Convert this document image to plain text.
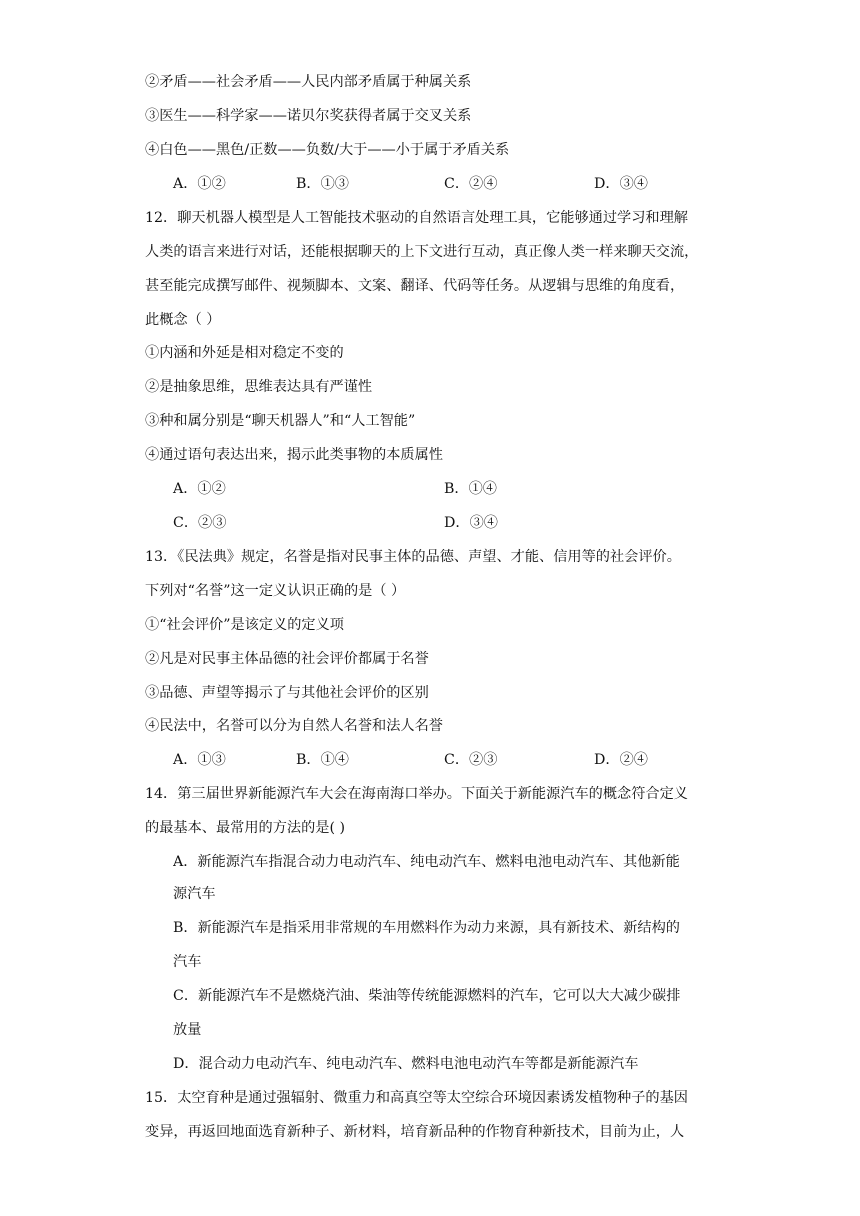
②矛盾——社会矛盾——人民内部矛盾属于种属关系
③医生——科学家——诺贝尔奖获得者属于交叉关系
④白色——黑色/正数——负数/大于——小于属于矛盾关系
A．①②	B．①③	C．②④	D．③④
12．聊天机器人模型是人工智能技术驱动的自然语言处理工具，它能够通过学习和理解
人类的语言来进行对话，还能根据聊天的上下文进行互动，真正像人类一样来聊天交流，
甚至能完成撰写邮件、视频脚本、文案、翻译、代码等任务。从逻辑与思维的角度看，
此概念（ ）
①内涵和外延是相对稳定不变的
②是抽象思维，思维表达具有严谨性
③种和属分别是“聊天机器人”和“人工智能”
④通过语句表达出来，揭示此类事物的本质属性
A．①②	B．①④
C．②③	D．③④
13．《民法典》规定，名誉是指对民事主体的品德、声望、才能、信用等的社会评价。
下列对“名誉”这一定义认识正确的是（ ）
①“社会评价”是该定义的定义项
②凡是对民事主体品德的社会评价都属于名誉
③品德、声望等揭示了与其他社会评价的区别
④民法中，名誉可以分为自然人名誉和法人名誉
A．①③	B．①④	C．②③	D．②④
14．第三届世界新能源汽车大会在海南海口举办。下面关于新能源汽车的概念符合定义
的最基本、最常用的方法的是( )
A．新能源汽车指混合动力电动汽车、纯电动汽车、燃料电池电动汽车、其他新能
源汽车
B．新能源汽车是指采用非常规的车用燃料作为动力来源，具有新技术、新结构的
汽车
C．新能源汽车不是燃烧汽油、柴油等传统能源燃料的汽车，它可以大大减少碳排
放量
D．混合动力电动汽车、纯电动汽车、燃料电池电动汽车等都是新能源汽车
15．太空育种是通过强辐射、微重力和高真空等太空综合环境因素诱发植物种子的基因
变异，再返回地面选育新种子、新材料，培育新品种的作物育种新技术，目前为止，人
